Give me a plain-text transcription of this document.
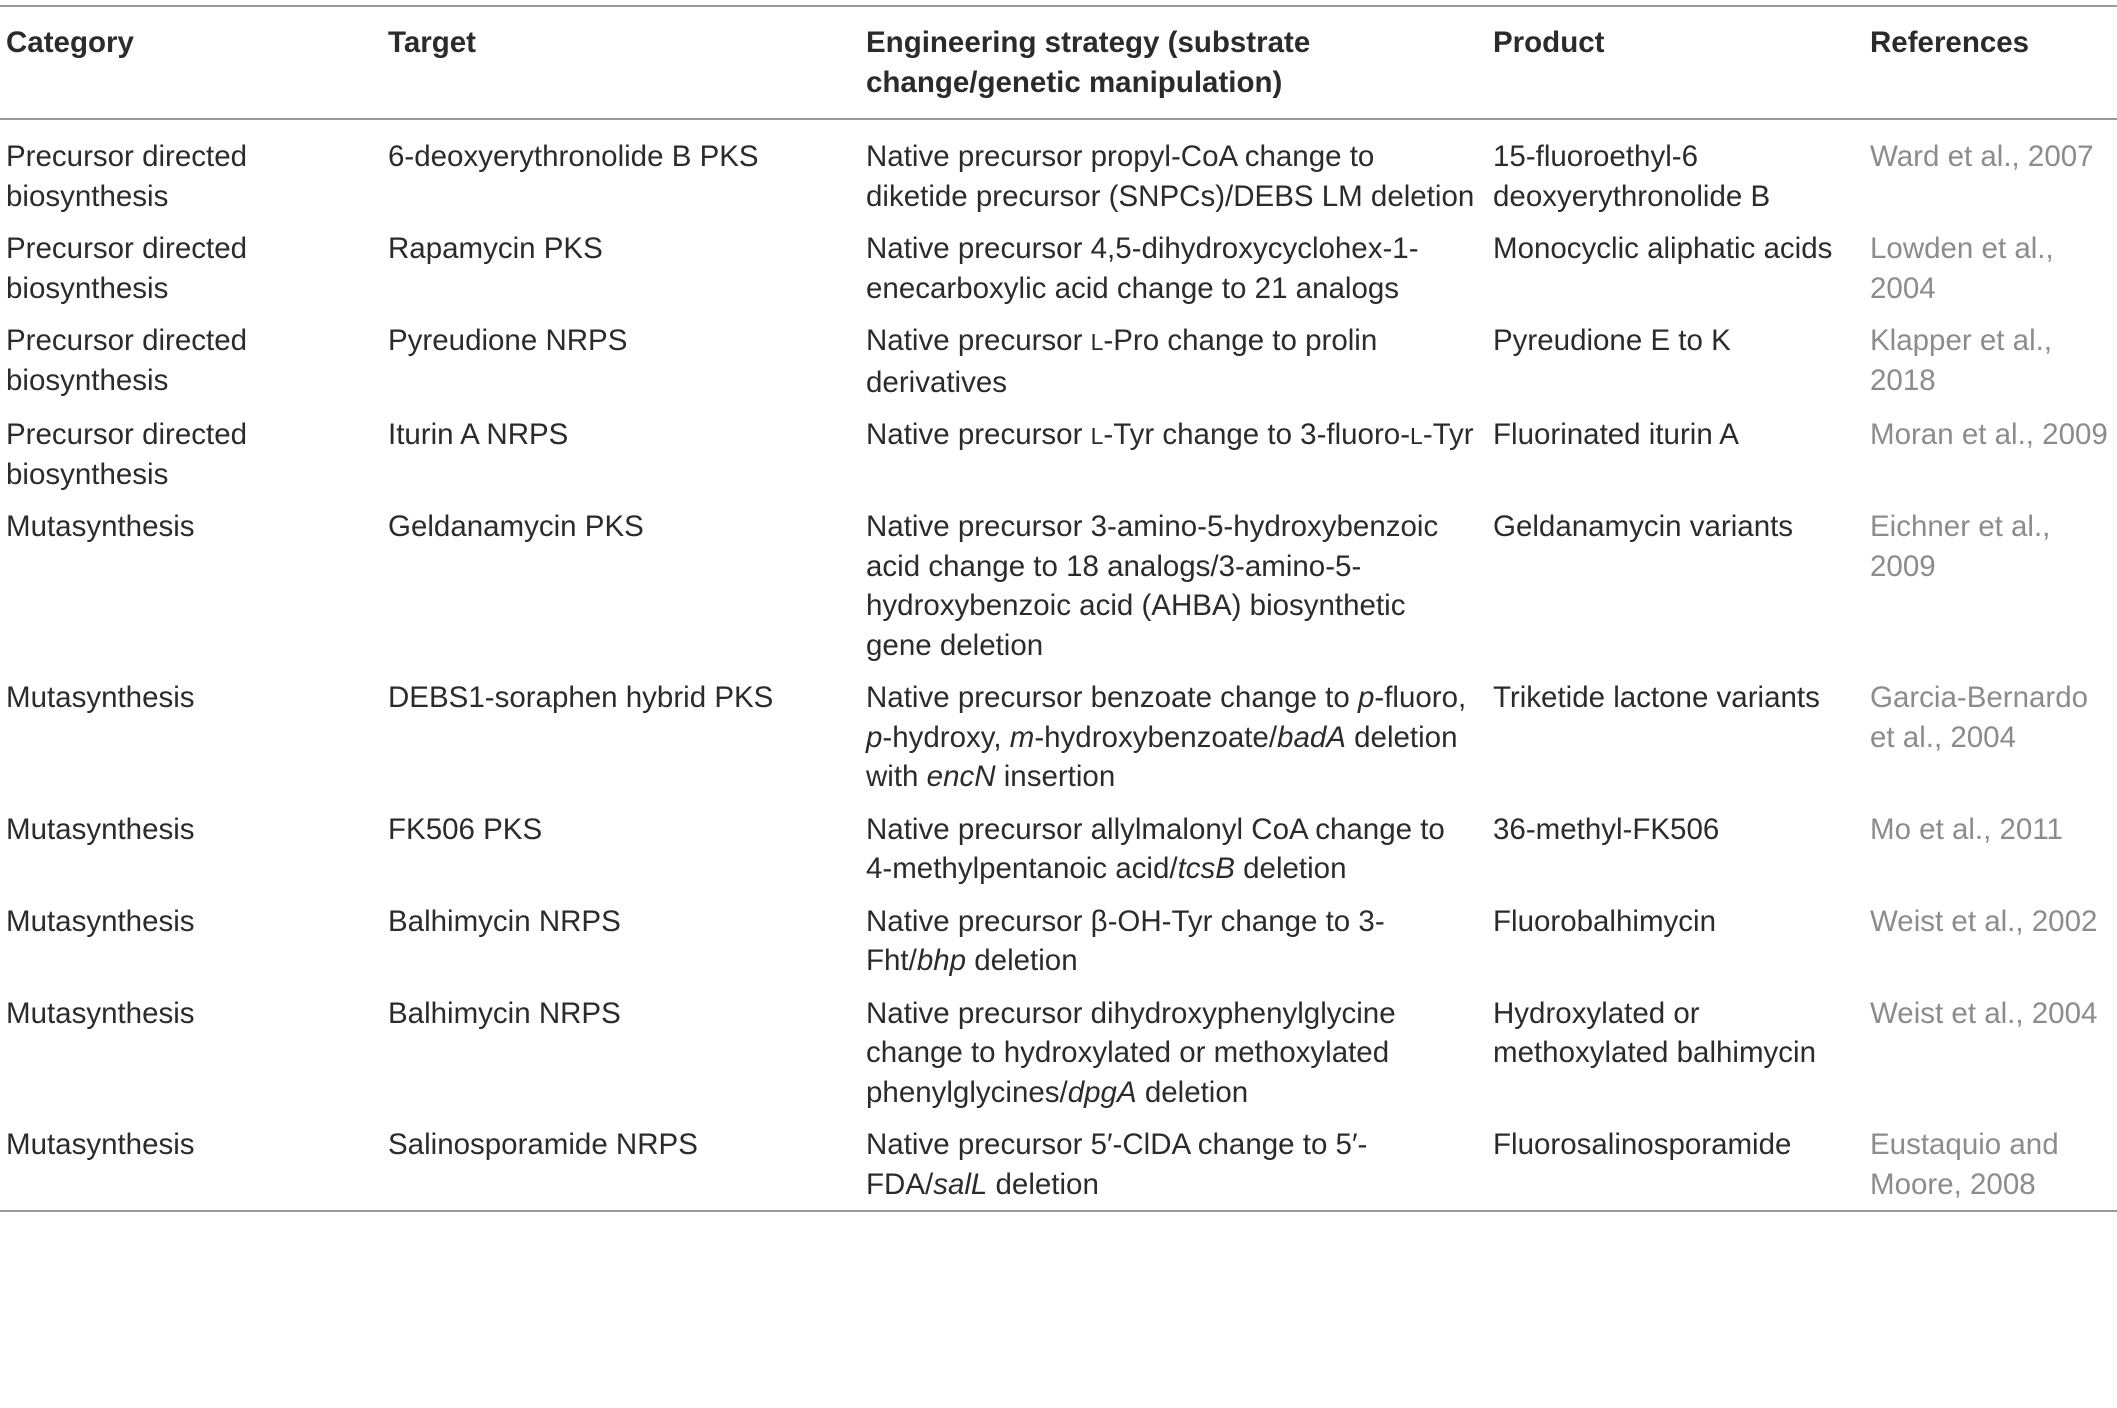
Category	Target	Engineering strategy (substrate change/genetic manipulation)	Product	References
Precursor directed biosynthesis	6-deoxyerythronolide B PKS	Native precursor propyl-CoA change to diketide precursor (SNPCs)/DEBS LM deletion	15-fluoroethyl-6 deoxyerythronolide B	Ward et al., 2007
Precursor directed biosynthesis	Rapamycin PKS	Native precursor 4,5-dihydroxycyclohex-1-enecarboxylic acid change to 21 analogs	Monocyclic aliphatic acids	Lowden et al., 2004
Precursor directed biosynthesis	Pyreudione NRPS	Native precursor L-Pro change to prolin derivatives	Pyreudione E to K	Klapper et al., 2018
Precursor directed biosynthesis	Iturin A NRPS	Native precursor L-Tyr change to 3-fluoro-L-Tyr	Fluorinated iturin A	Moran et al., 2009
Mutasynthesis	Geldanamycin PKS	Native precursor 3-amino-5-hydroxybenzoic acid change to 18 analogs/3-amino-5-hydroxybenzoic acid (AHBA) biosynthetic gene deletion	Geldanamycin variants	Eichner et al., 2009
Mutasynthesis	DEBS1-soraphen hybrid PKS	Native precursor benzoate change to p-fluoro, p-hydroxy, m-hydroxybenzoate/badA deletion with encN insertion	Triketide lactone variants	Garcia-Bernardo et al., 2004
Mutasynthesis	FK506 PKS	Native precursor allylmalonyl CoA change to 4-methylpentanoic acid/tcsB deletion	36-methyl-FK506	Mo et al., 2011
Mutasynthesis	Balhimycin NRPS	Native precursor β-OH-Tyr change to 3-Fht/bhp deletion	Fluorobalhimycin	Weist et al., 2002
Mutasynthesis	Balhimycin NRPS	Native precursor dihydroxyphenylglycine change to hydroxylated or methoxylated phenylglycines/dpgA deletion	Hydroxylated or methoxylated balhimycin	Weist et al., 2004
Mutasynthesis	Salinosporamide NRPS	Native precursor 5′-ClDA change to 5′-FDA/salL deletion	Fluorosalinosporamide	Eustaquio and Moore, 2008
